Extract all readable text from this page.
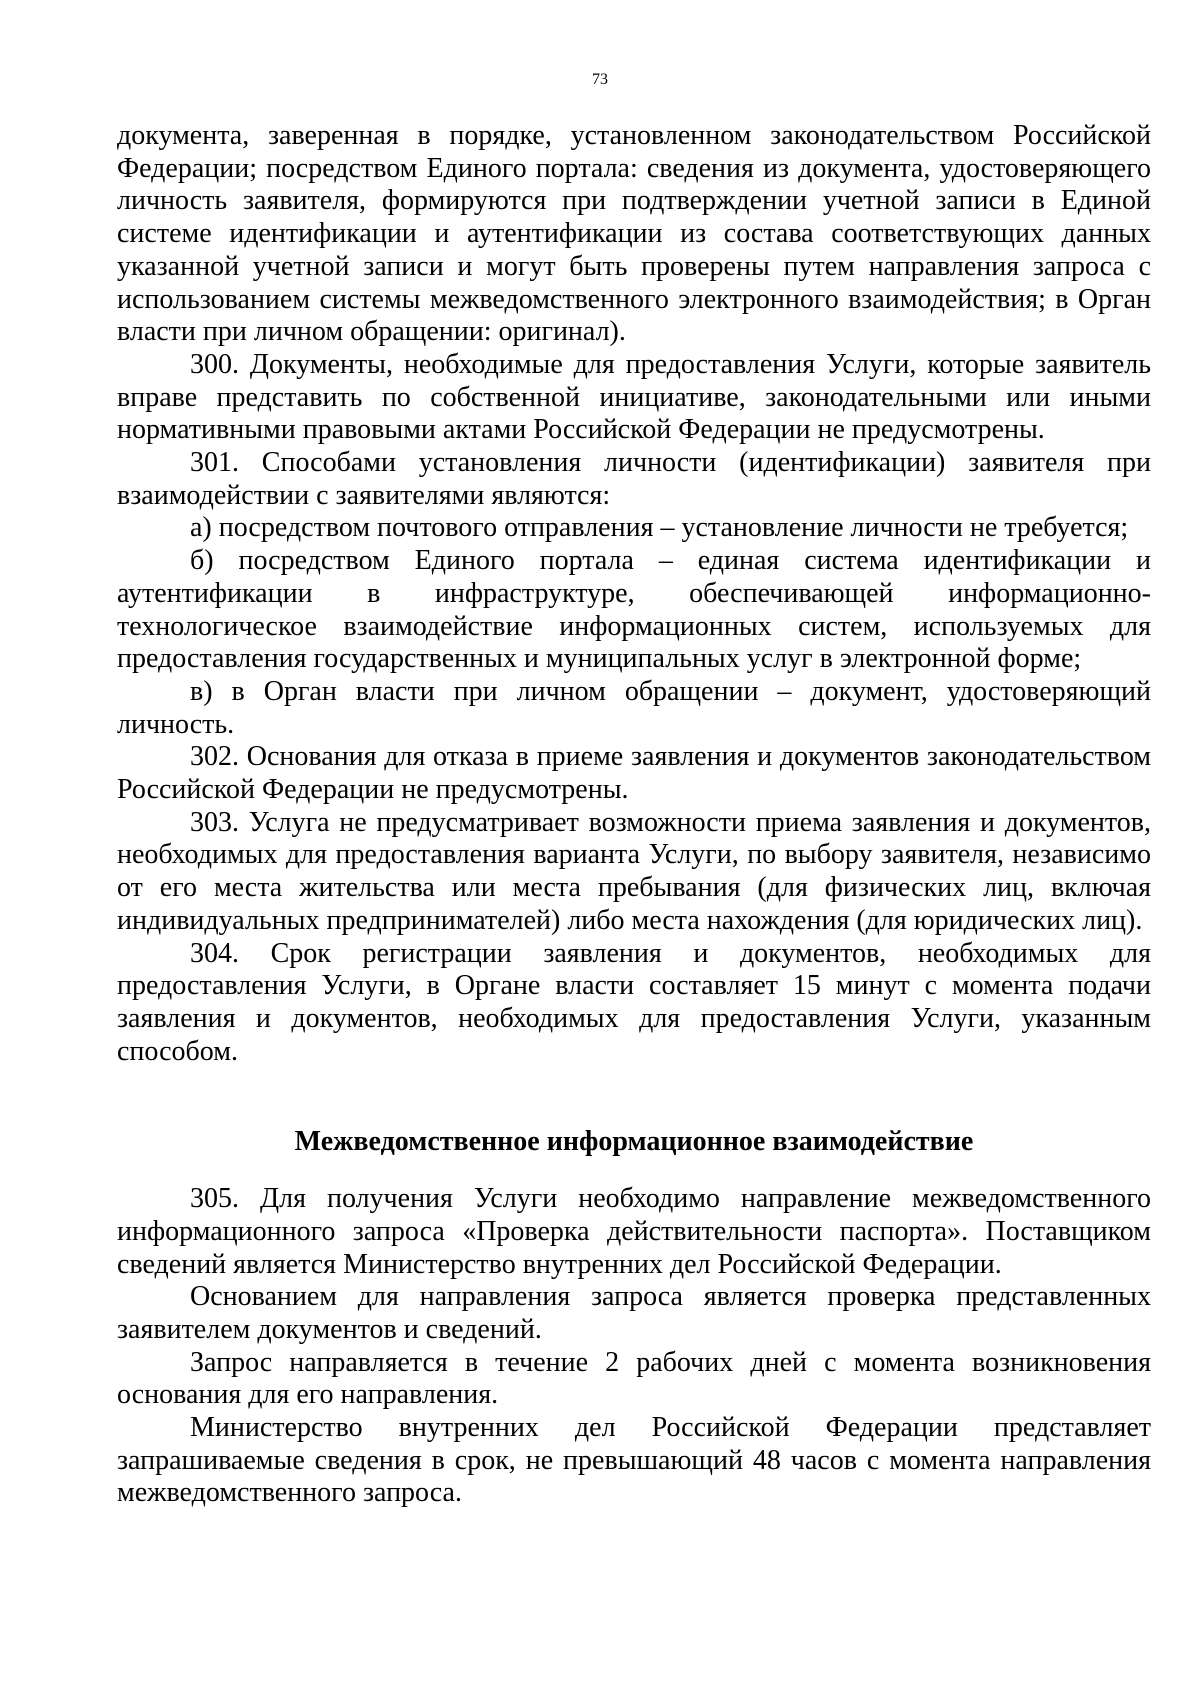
73

документа, заверенная в порядке, установленном законодательством Российской Федерации; посредством Единого портала: сведения из документа, удостоверяющего личность заявителя, формируются при подтверждении учетной записи в Единой системе идентификации и аутентификации из состава соответствующих данных указанной учетной записи и могут быть проверены путем направления запроса с использованием системы межведомственного электронного взаимодействия; в Орган власти при личном обращении: оригинал).

300. Документы, необходимые для предоставления Услуги, которые заявитель вправе представить по собственной инициативе, законодательными или иными нормативными правовыми актами Российской Федерации не предусмотрены.

301. Способами установления личности (идентификации) заявителя при взаимодействии с заявителями являются:

а) посредством почтового отправления – установление личности не требуется;

б) посредством Единого портала – единая система идентификации и аутентификации в инфраструктуре, обеспечивающей информационно-технологическое взаимодействие информационных систем, используемых для предоставления государственных и муниципальных услуг в электронной форме;

в) в Орган власти при личном обращении – документ, удостоверяющий личность.

302. Основания для отказа в приеме заявления и документов законодательством Российской Федерации не предусмотрены.

303. Услуга не предусматривает возможности приема заявления и документов, необходимых для предоставления варианта Услуги, по выбору заявителя, независимо от его места жительства или места пребывания (для физических лиц, включая индивидуальных предпринимателей) либо места нахождения (для юридических лиц).

304. Срок регистрации заявления и документов, необходимых для предоставления Услуги, в Органе власти составляет 15 минут с момента подачи заявления и документов, необходимых для предоставления Услуги, указанным способом.

Межведомственное информационное взаимодействие

305. Для получения Услуги необходимо направление межведомственного информационного запроса «Проверка действительности паспорта». Поставщиком сведений является Министерство внутренних дел Российской Федерации.

Основанием для направления запроса является проверка представленных заявителем документов и сведений.

Запрос направляется в течение 2 рабочих дней с момента возникновения основания для его направления.

Министерство внутренних дел Российской Федерации представляет запрашиваемые сведения в срок, не превышающий 48 часов с момента направления межведомственного запроса.
